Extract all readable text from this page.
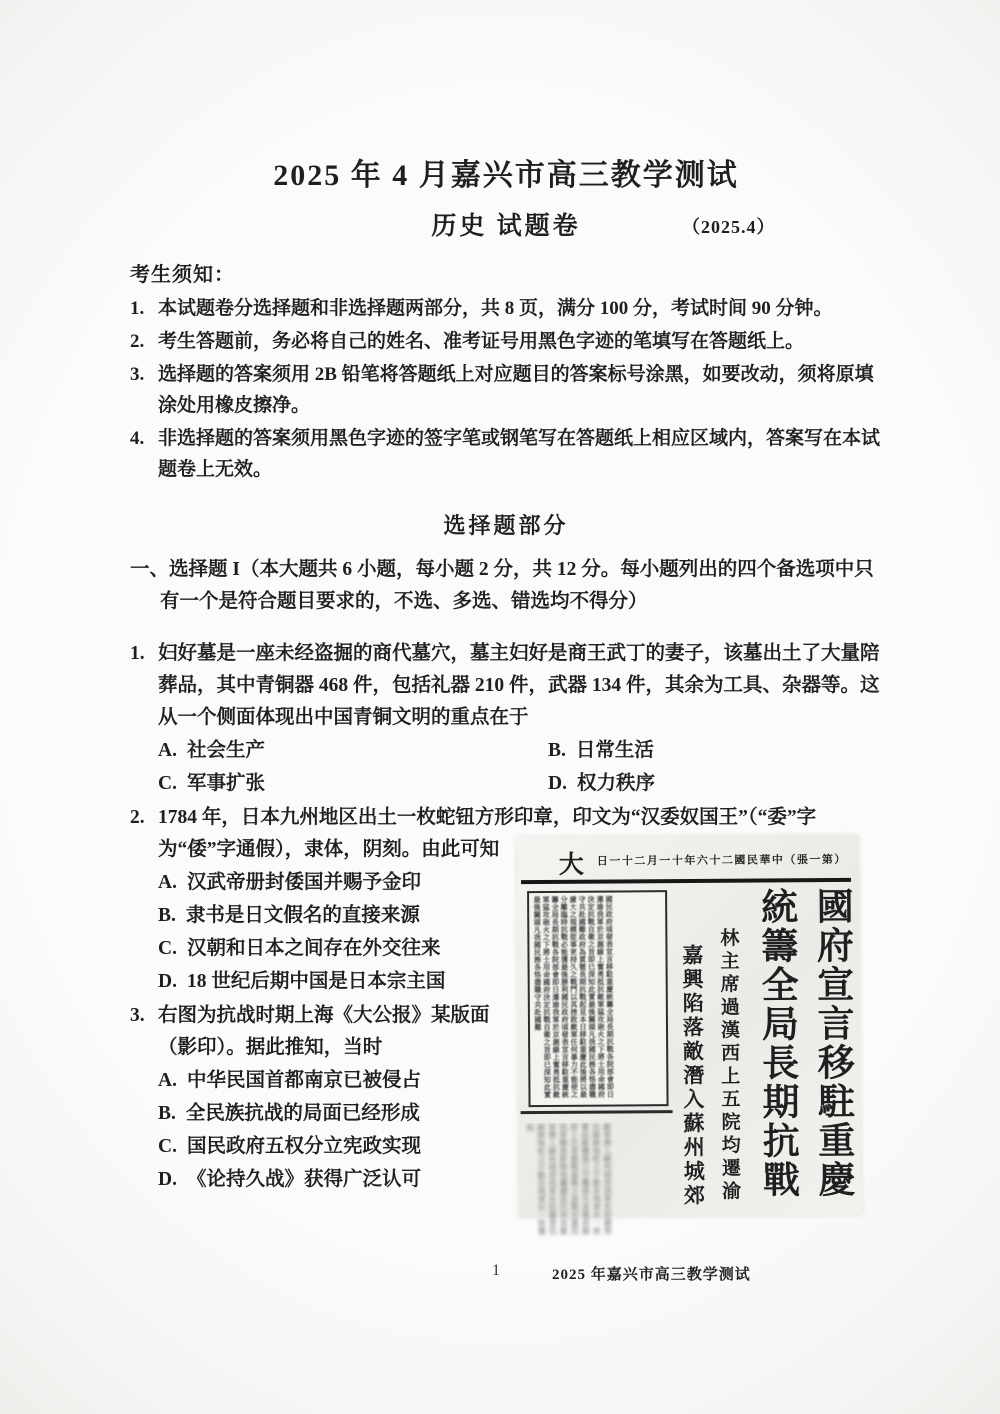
2025 年 4 月嘉兴市高三教学测试
历史 试题卷	（2025.4）
考生须知：
1. 本试题卷分选择题和非选择题两部分，共 8 页，满分 100 分，考试时间 90 分钟。
2. 考生答题前，务必将自己的姓名、准考证号用黑色字迹的笔填写在答题纸上。
3. 选择题的答案须用 2B 铅笔将答题纸上对应题目的答案标号涂黑，如要改动，须将原填涂处用橡皮擦净。
4. 非选择题的答案须用黑色字迹的签字笔或钢笔写在答题纸上相应区域内，答案写在本试题卷上无效。
选择题部分

一、选择题 I（本大题共 6 小题，每小题 2 分，共 12 分。每小题列出的四个备选项中只有一个是符合题目要求的，不选、多选、错选均不得分）

1. 妇好墓是一座未经盗掘的商代墓穴，墓主妇好是商王武丁的妻子，该墓出土了大量陪葬品，其中青铜器 468 件，包括礼器 210 件，武器 134 件，其余为工具、杂器等。这从一个侧面体现出中国青铜文明的重点在于
A. 社会生产	B. 日常生活
C. 军事扩张	D. 权力秩序
2. 1784 年，日本九州地区出土一枚蛇钮方形印章，印文为“汉委奴国王”（“委”字为“倭”字通假），隶体，阴刻。由此可知
A. 汉武帝册封倭国并赐予金印
B. 隶书是日文假名的直接来源
C. 汉朝和日本之间存在外交往来
D. 18 世纪后期中国是日本宗主国
3. 右图为抗战时期上海《大公报》某版面（影印）。据此推知，当时
A. 中华民国首都南京已被侵占
B. 全民族抗战的局面已经形成
C. 国民政府五权分立宪政实现
D. 《论持久战》获得广泛认可
大 日一十二月一十年六十二國民華中（張一第）
國府宣言移駐重慶
統籌全局長期抗戰
林主席過漢西上五院均遷渝
嘉興陷落敵潛入蘇州城郊
國民政府頃發表宣言移駐重慶統籌全局長期抗戰各院部會即日遷渝我軍於京滬線上奮勇抵抗敵軍猛攻砲火之下將士用命國府決定抗戰自衛之旨即已深知此實最後關頭凡我國民務各恪盡職守共赴國難政府為貫徹長期抗戰起見本日移駐重慶此後將以最廣大之規模從事更持久之戰鬥以其挫敗敵軍任何暴力不能使之分離臨時抗戰必能獲最後勝利國民政府頃發表宣言移駐重慶統籌全局長期抗戰各院部會即日遷渝我軍於京滬線上奮勇抵抗敵軍猛攻砲火之下將士用命國府決定抗戰自衛之旨即已深知此實最後關頭凡我國民務各恪盡職守共赴國難
敵軍潛入蘇州城郊我軍布防嚴密沿線陣地屹立不動各地軍民一致奮起敵機連日空襲損失甚微前線將士沉著應戰嘉興方面戰況激烈我軍轉進新陣地繼續抵抗到底敵軍潛入蘇州城郊我軍布防嚴密沿線陣地屹立不動各地軍民一致奮起
1	2025 年嘉兴市高三教学测试
